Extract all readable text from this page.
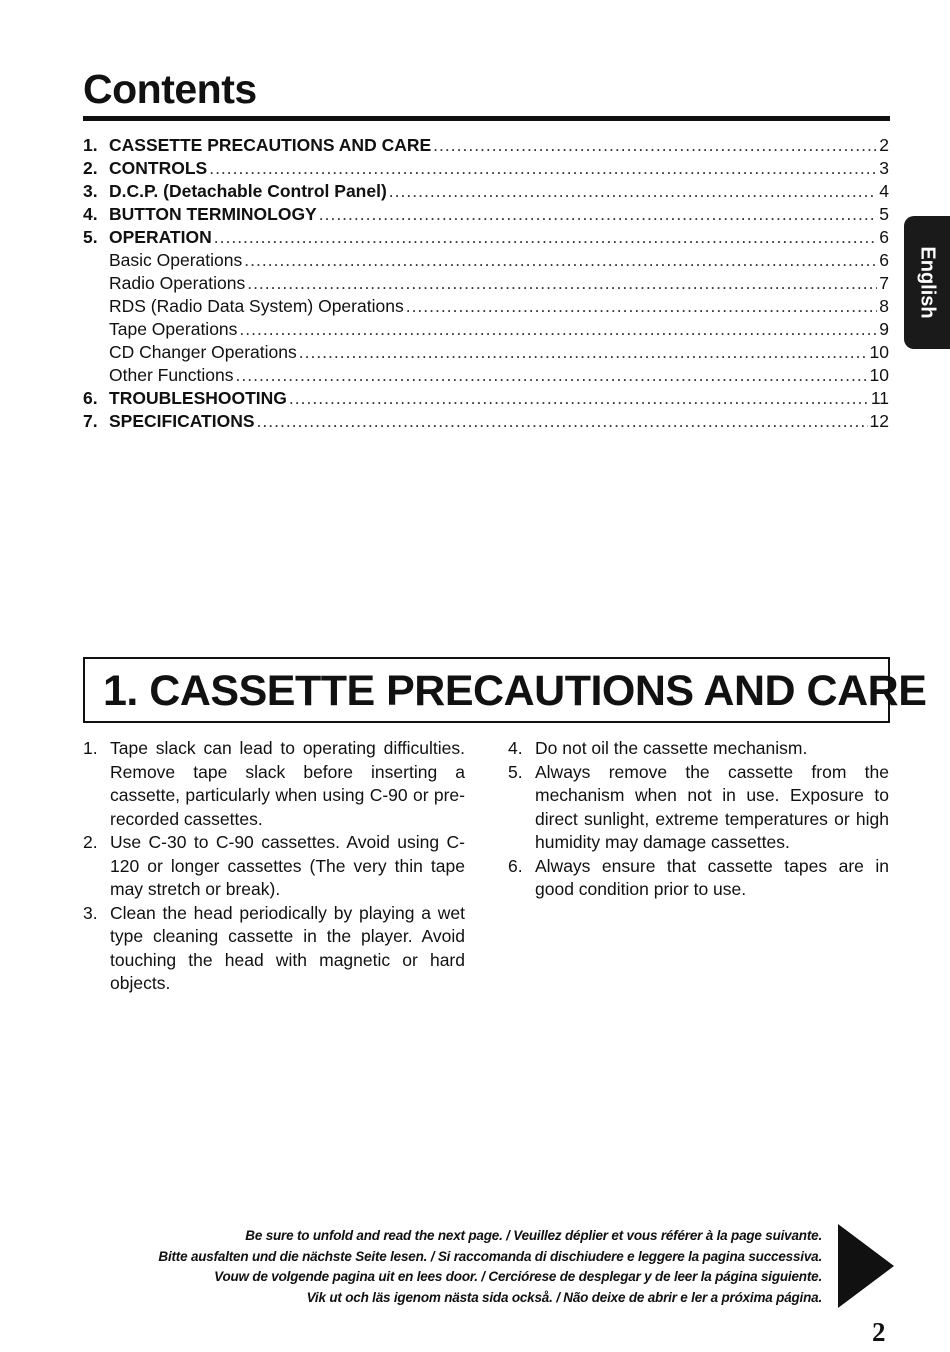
Contents
1. CASSETTE PRECAUTIONS AND CARE .....	2
2. CONTROLS .....	3
3. D.C.P. (Detachable Control Panel) .....	4
4. BUTTON TERMINOLOGY .....	5
5. OPERATION .....	6
Basic Operations .....	6
Radio Operations .....	7
RDS (Radio Data System) Operations .....	8
Tape Operations .....	9
CD Changer Operations .....	10
Other Functions .....	10
6. TROUBLESHOOTING .....	11
7. SPECIFICATIONS .....	12
English
1. CASSETTE PRECAUTIONS AND CARE
1. Tape slack can lead to operating difficulties. Remove tape slack before inserting a cassette, particularly when using C-90 or pre-recorded cassettes.
2. Use C-30 to C-90 cassettes. Avoid using C-120 or longer cassettes (The very thin tape may stretch or break).
3. Clean the head periodically by playing a wet type cleaning cassette in the player. Avoid touching the head with magnetic or hard objects.
4. Do not oil the cassette mechanism.
5. Always remove the cassette from the mechanism when not in use. Exposure to direct sunlight, extreme temperatures or high humidity may damage cassettes.
6. Always ensure that cassette tapes are in good condition prior to use.
Be sure to unfold and read the next page. / Veuillez déplier et vous référer à la page suivante.
Bitte ausfalten und die nächste Seite lesen. / Si raccomanda di dischiudere e leggere la pagina successiva.
Vouw de volgende pagina uit en lees door. / Cerciórese de desplegar y de leer la página siguiente.
Vik ut och läs igenom nästa sida också. / Não deixe de abrir e ler a próxima página.
2
